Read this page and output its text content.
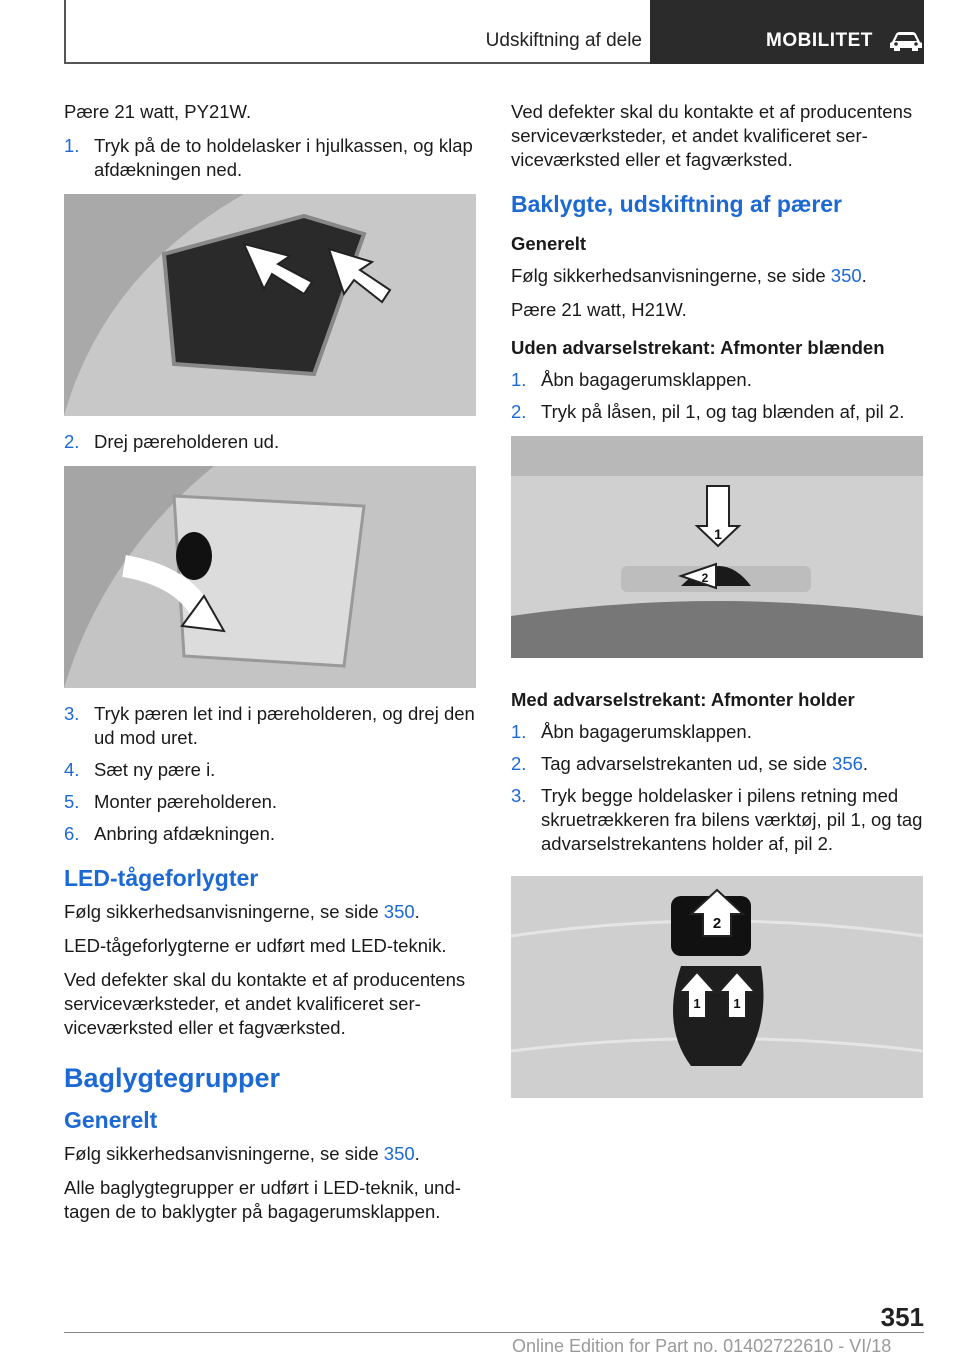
Udskiftning af dele	MOBILITET

Pære 21 watt, PY21W.

1. Tryk på de to holdelasker i hjulkassen, og klap afdækningen ned.
2. Drej pæreholderen ud.
3. Tryk pæren let ind i pæreholderen, og drej den ud mod uret.
4. Sæt ny pære i.
5. Monter pæreholderen.
6. Anbring afdækningen.
LED-tågeforlygter

Følg sikkerhedsanvisningerne, se side 350.

LED-tågeforlygterne er udført med LED-teknik.

Ved defekter skal du kontakte et af producentens serviceværksteder, et andet kvalificeret serviceværksted eller et fagværksted.

Baglygtegrupper
Generelt

Følg sikkerhedsanvisningerne, se side 350.

Alle baglygtegrupper er udført i LED-teknik, undtagen de to baklygter på bagagerumsklappen.

Ved defekter skal du kontakte et af producentens serviceværksteder, et andet kvalificeret serviceværksted eller et fagværksted.

Baklygte, udskiftning af pærer
Generelt

Følg sikkerhedsanvisningerne, se side 350.

Pære 21 watt, H21W.

Uden advarselstrekant: Afmonter blænden
1. Åbn bagagerumsklappen.
2. Tryk på låsen, pil 1, og tag blænden af, pil 2.
1
2
Med advarselstrekant: Afmonter holder
1. Åbn bagagerumsklappen.
2. Tag advarselstrekanten ud, se side 356.
3. Tryk begge holdelasker i pilens retning med skruetrækkeren fra bilens værktøj, pil 1, og tag advarselstrekantens holder af, pil 2.
2
1	1
351
Online Edition for Part no. 01402722610 - VI/18
